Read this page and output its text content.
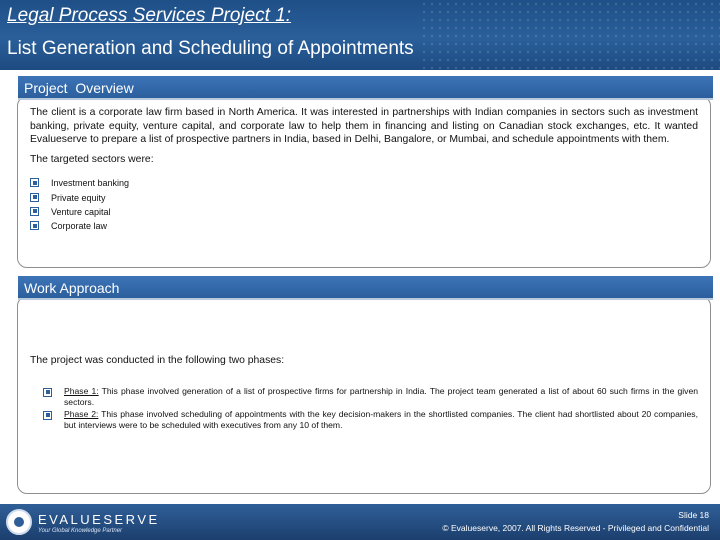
Legal Process Services Project 1:
List Generation and Scheduling of Appointments

The client is a corporate law firm based in North America. It was interested in partnerships with Indian companies in sectors such as investment banking, private equity, venture capital, and corporate law to help them in financing and listing on Canadian stock exchanges, etc. It wanted Evalueserve to prepare a list of prospective partners in India, based in Delhi, Bangalore, or Mumbai, and schedule appointments with them.

The targeted sectors were:

Investment banking
Private equity
Venture capital
Corporate law
Project  Overview

The project was conducted in the following two phases:

Phase 1: This phase involved generation of a list of prospective firms for partnership in India. The project team generated a list of about 60 such firms in the given sectors.
Phase 2: This phase involved scheduling of appointments with the key decision-makers in the shortlisted companies. The client had shortlisted about 20 companies, but interviews were to be scheduled with executives from any 10 of them.
Work Approach
EVALUESERVE
Your Global Knowledge Partner
Slide 18
© Evalueserve, 2007. All Rights Reserved - Privileged and Confidential
